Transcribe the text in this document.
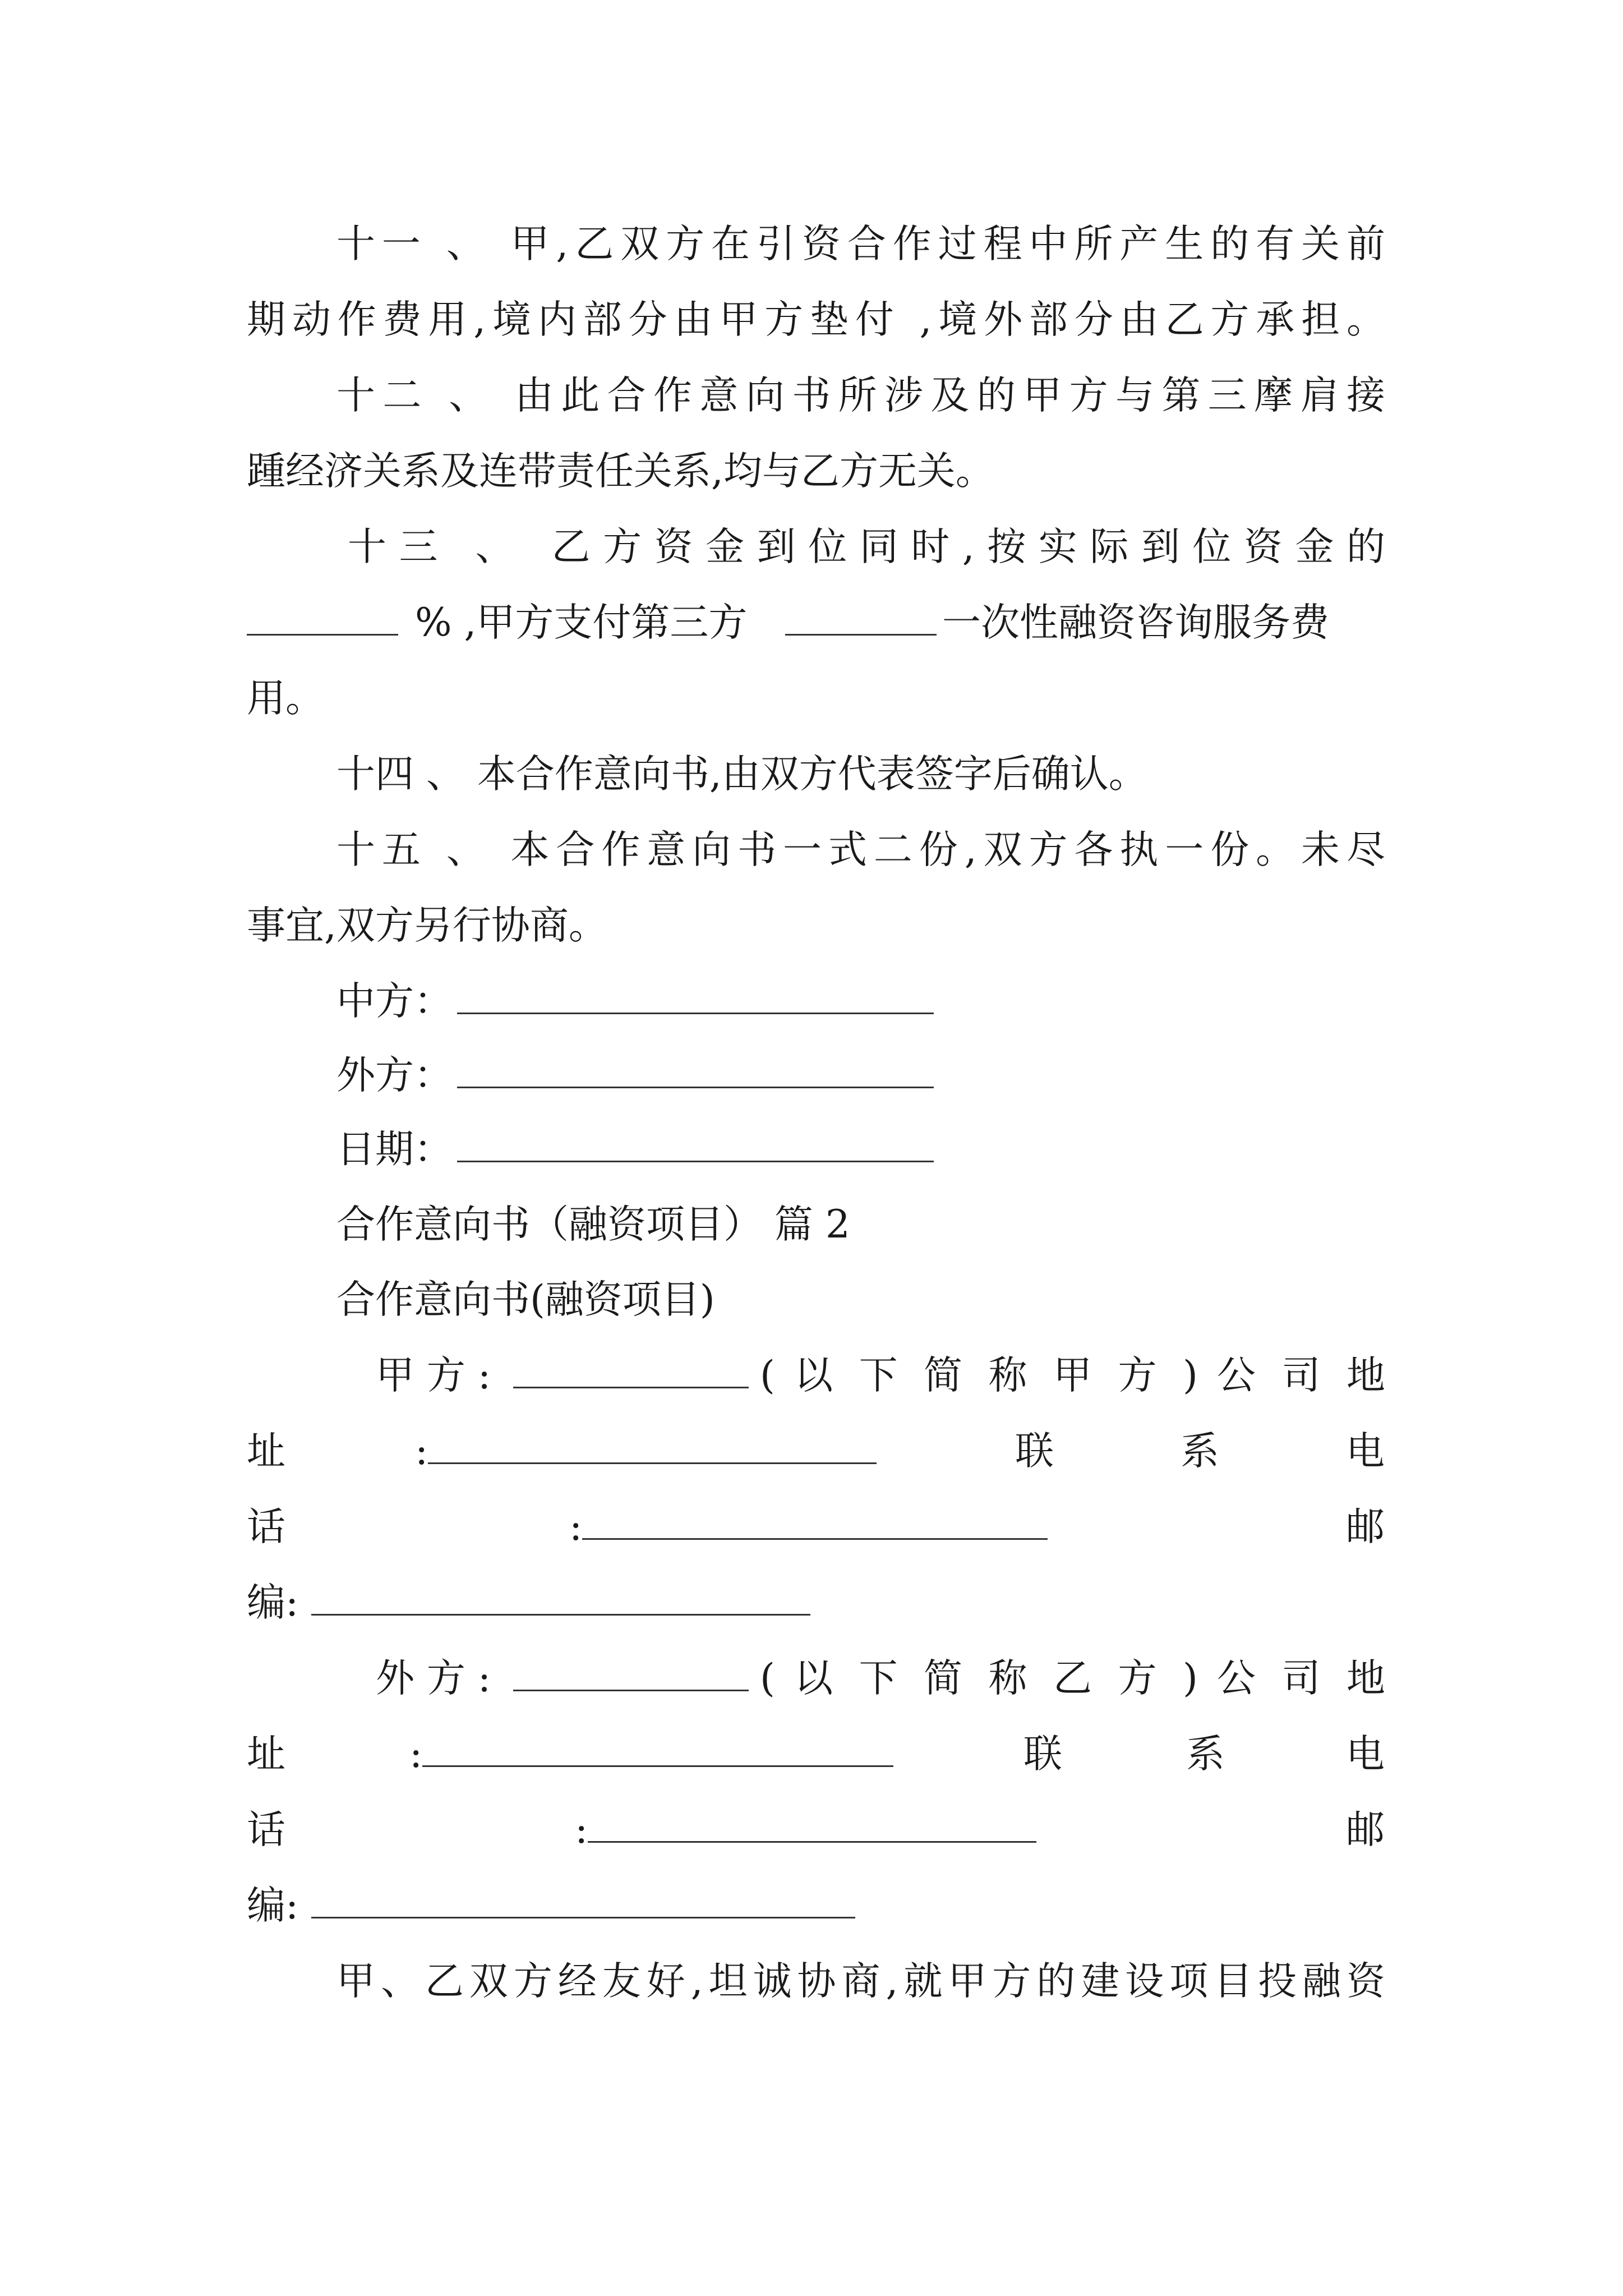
十一 、 甲,乙双方在引资合作过程中所产生的有关前
期动作费用,境内部分由甲方垫付 ,境外部分由乙方承担。
十二 、 由此合作意向书所涉及的甲方与第三摩肩接
踵经济关系及连带责任关系,均与乙方无关。
十三 、 乙方资金到位同时,按实际到位资金的
% ,甲方支付第三方	一次性融资咨询服务费
用。
十四 、 本合作意向书,由双方代表签字后确认。
十五 、 本合作意向书一式二份,双方各执一份。未尽
事宜,双方另行协商。
中方：
外方：
日期：
合作意向书（融资项目） 篇 2
合作意向书(融资项目)
甲 方 :	( 以 下 简 称 甲 方 ) 公 司 地
址	:	联	系	电
话	:	邮
编:
外 方 :	( 以 下 简 称 乙 方 ) 公 司 地
址	:	联	系	电
话	:	邮
编:
甲、乙双方经友好,坦诚协商,就甲方的建设项目投融资
